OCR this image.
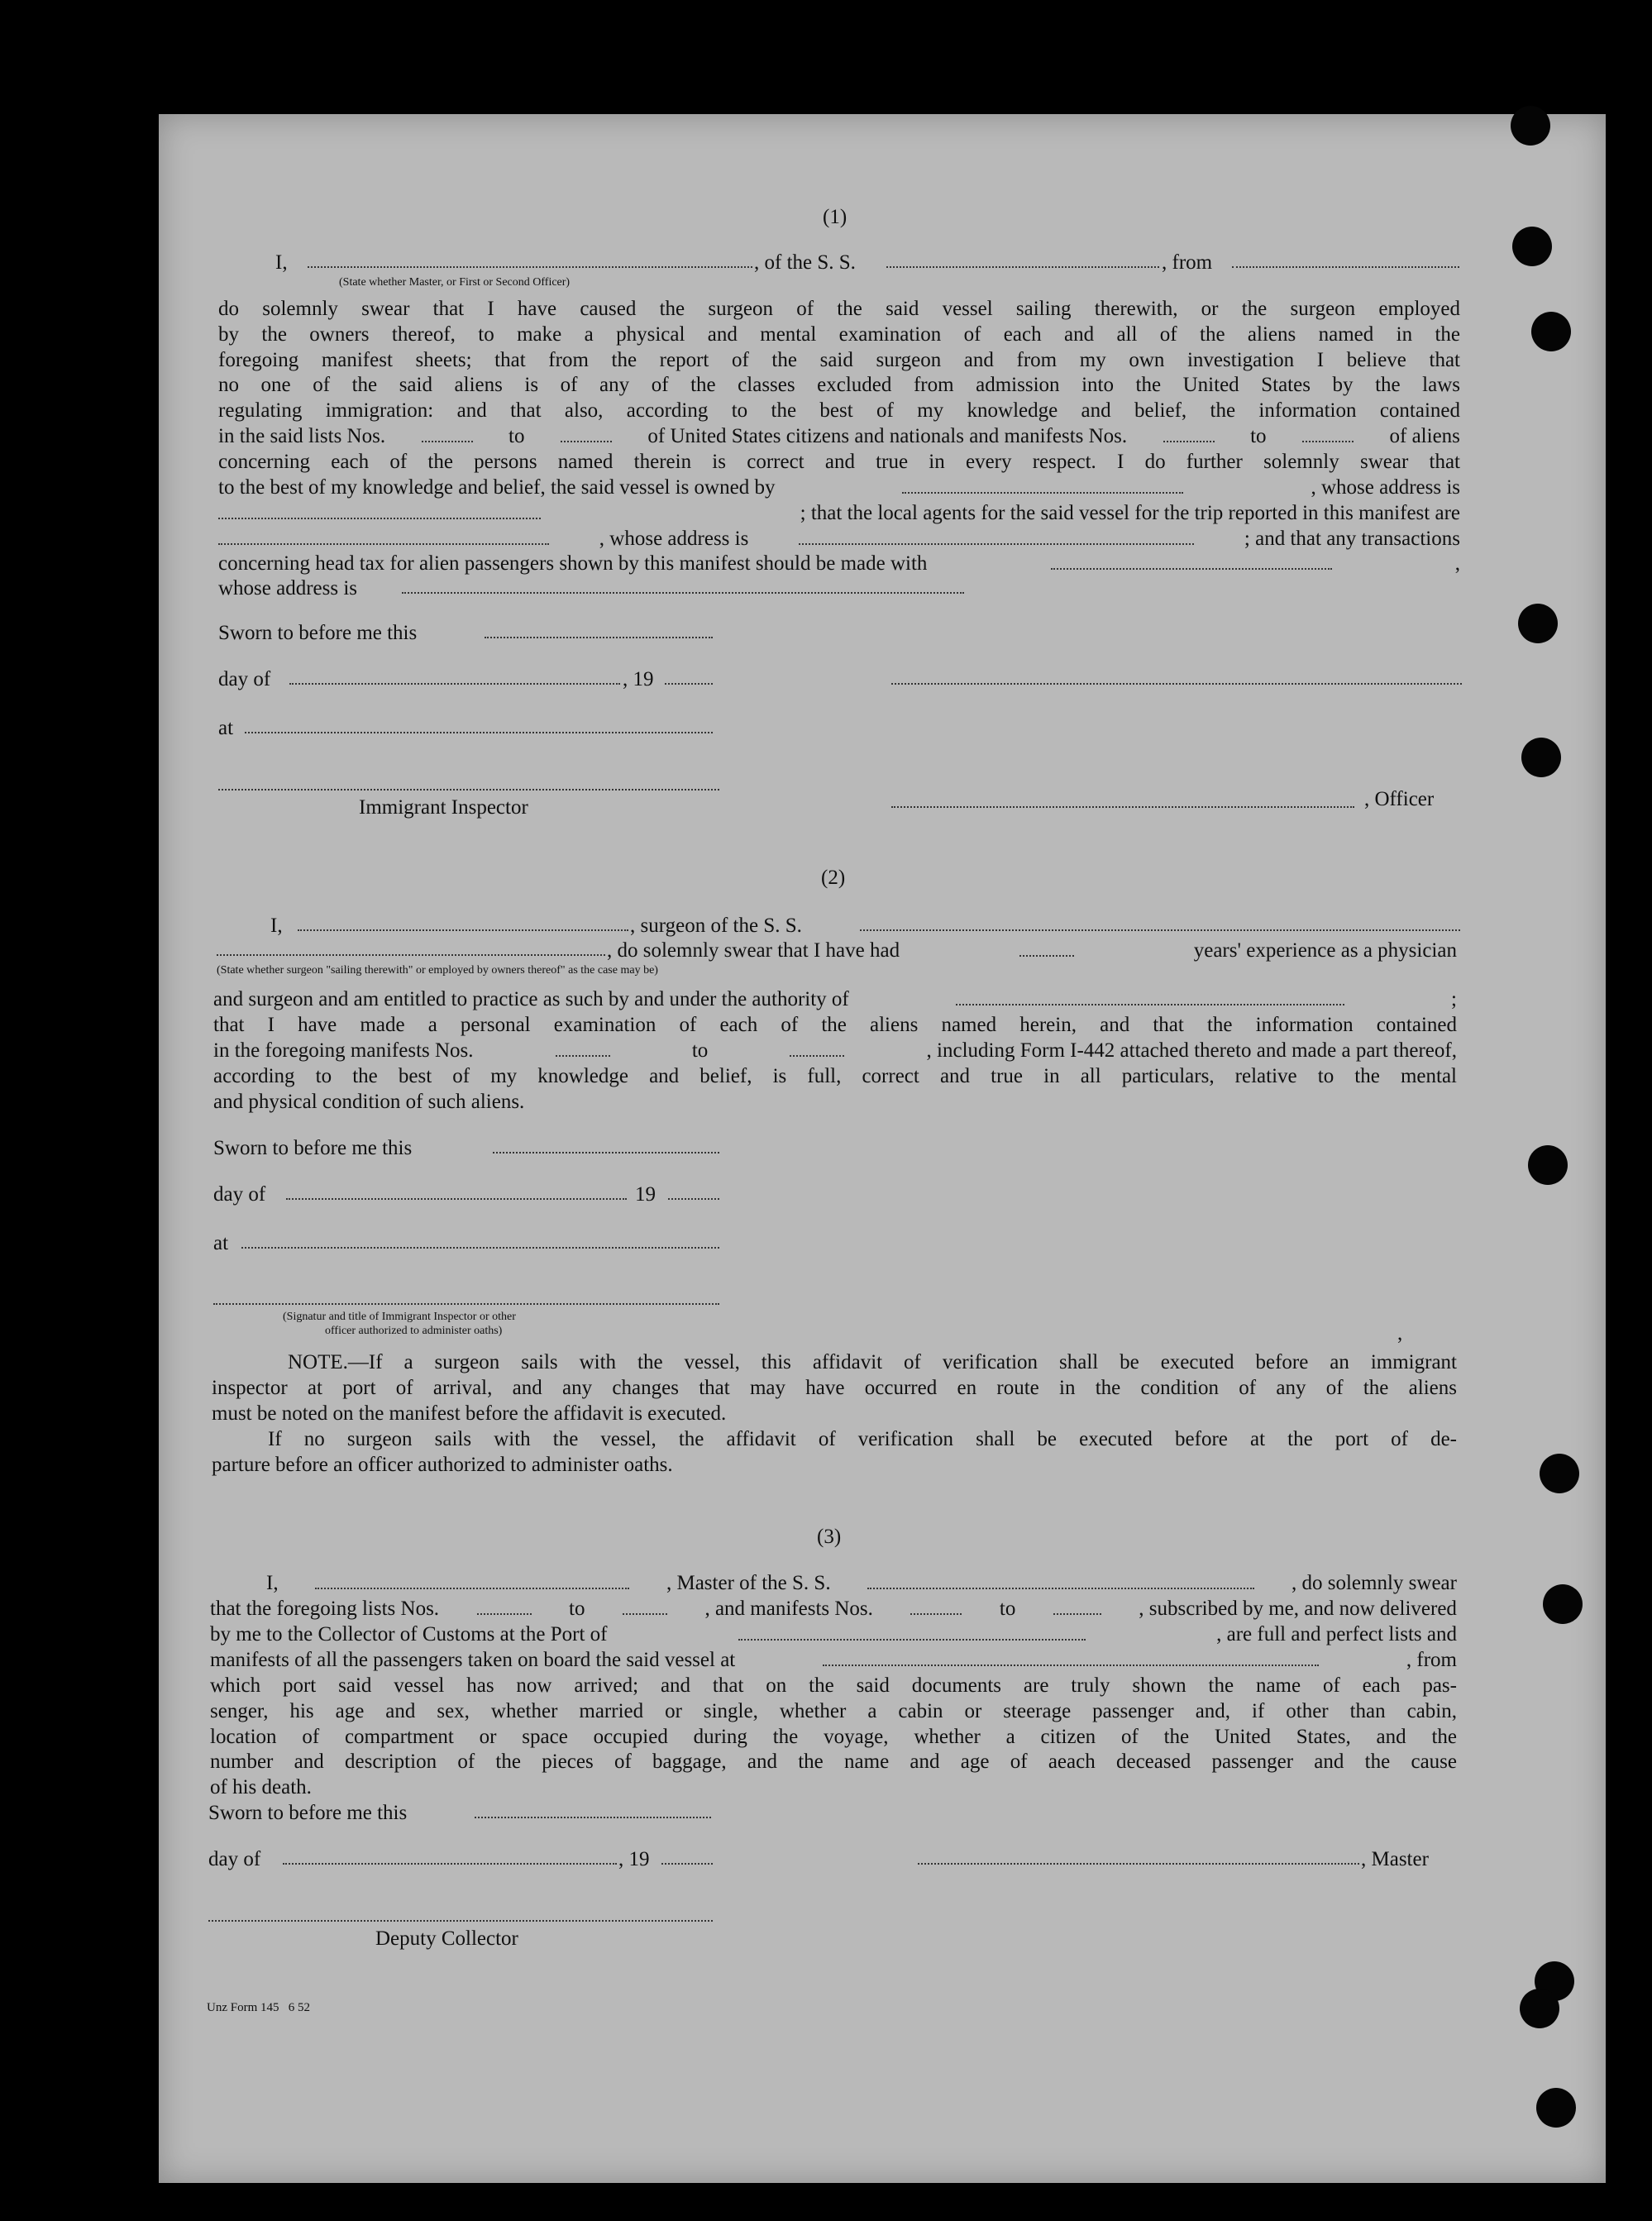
(1)
I,	, of the S. S.	, from
(State whether Master, or First or Second Officer)
do solemnly swear that I have caused the surgeon of the said vessel sailing therewith, or the surgeon employed
by the owners thereof, to make a physical and mental examination of each and all of the aliens named in the
foregoing manifest sheets; that from the report of the said surgeon and from my own investigation I believe that
no one of the said aliens is of any of the classes excluded from admission into the United States by the laws
regulating immigration: and that also, according to the best of my knowledge and belief, the information contained
in the said lists Nos.	to	of United States citizens and nationals and manifests Nos.	to	of aliens
concerning each of the persons named therein is correct and true in every respect. I do further solemnly swear that
to the best of my knowledge and belief, the said vessel is owned by	, whose address is
; that the local agents for the said vessel for the trip reported in this manifest are
, whose address is	; and that any transactions
concerning head tax for alien passengers shown by this manifest should be made with	,
whose address is
Sworn to before me this
day of	, 19
at
Immigrant Inspector	, Officer
(2)
I,	, surgeon of the S. S.
, do solemnly swear that I have had	years' experience as a physician
(State whether surgeon "sailing therewith" or employed by owners thereof" as the case may be)
and surgeon and am entitled to practice as such by and under the authority of	;
that I have made a personal examination of each of the aliens named herein, and that the information contained
in the foregoing manifests Nos.	to	, including Form I-442 attached thereto and made a part thereof,
according to the best of my knowledge and belief, is full, correct and true in all particulars, relative to the mental
and physical condition of such aliens.
Sworn to before me this
day of	19
at
(Signatur and title of Immigrant Inspector or other
officer authorized to administer oaths)	,
NOTE.—If a surgeon sails with the vessel, this affidavit of verification shall be executed before an immigrant
inspector at port of arrival, and any changes that may have occurred en route in the condition of any of the aliens
must be noted on the manifest before the affidavit is executed.
If no surgeon sails with the vessel, the affidavit of verification shall be executed before at the port of de-
parture before an officer authorized to administer oaths.
(3)
I,	, Master of the S. S.	, do solemnly swear
that the foregoing lists Nos.	to	, and manifests Nos.	to	, subscribed by me, and now delivered
by me to the Collector of Customs at the Port of	, are full and perfect lists and
manifests of all the passengers taken on board the said vessel at	, from
which port said vessel has now arrived; and that on the said documents are truly shown the name of each pas-
senger, his age and sex, whether married or single, whether a cabin or steerage passenger and, if other than cabin,
location of compartment or space occupied during the voyage, whether a citizen of the United States, and the
number and description of the pieces of baggage, and the name and age of aeach deceased passenger and the cause
of his death.
Sworn to before me this
day of	, 19	, Master
Deputy Collector
Unz Form 145   6 52
